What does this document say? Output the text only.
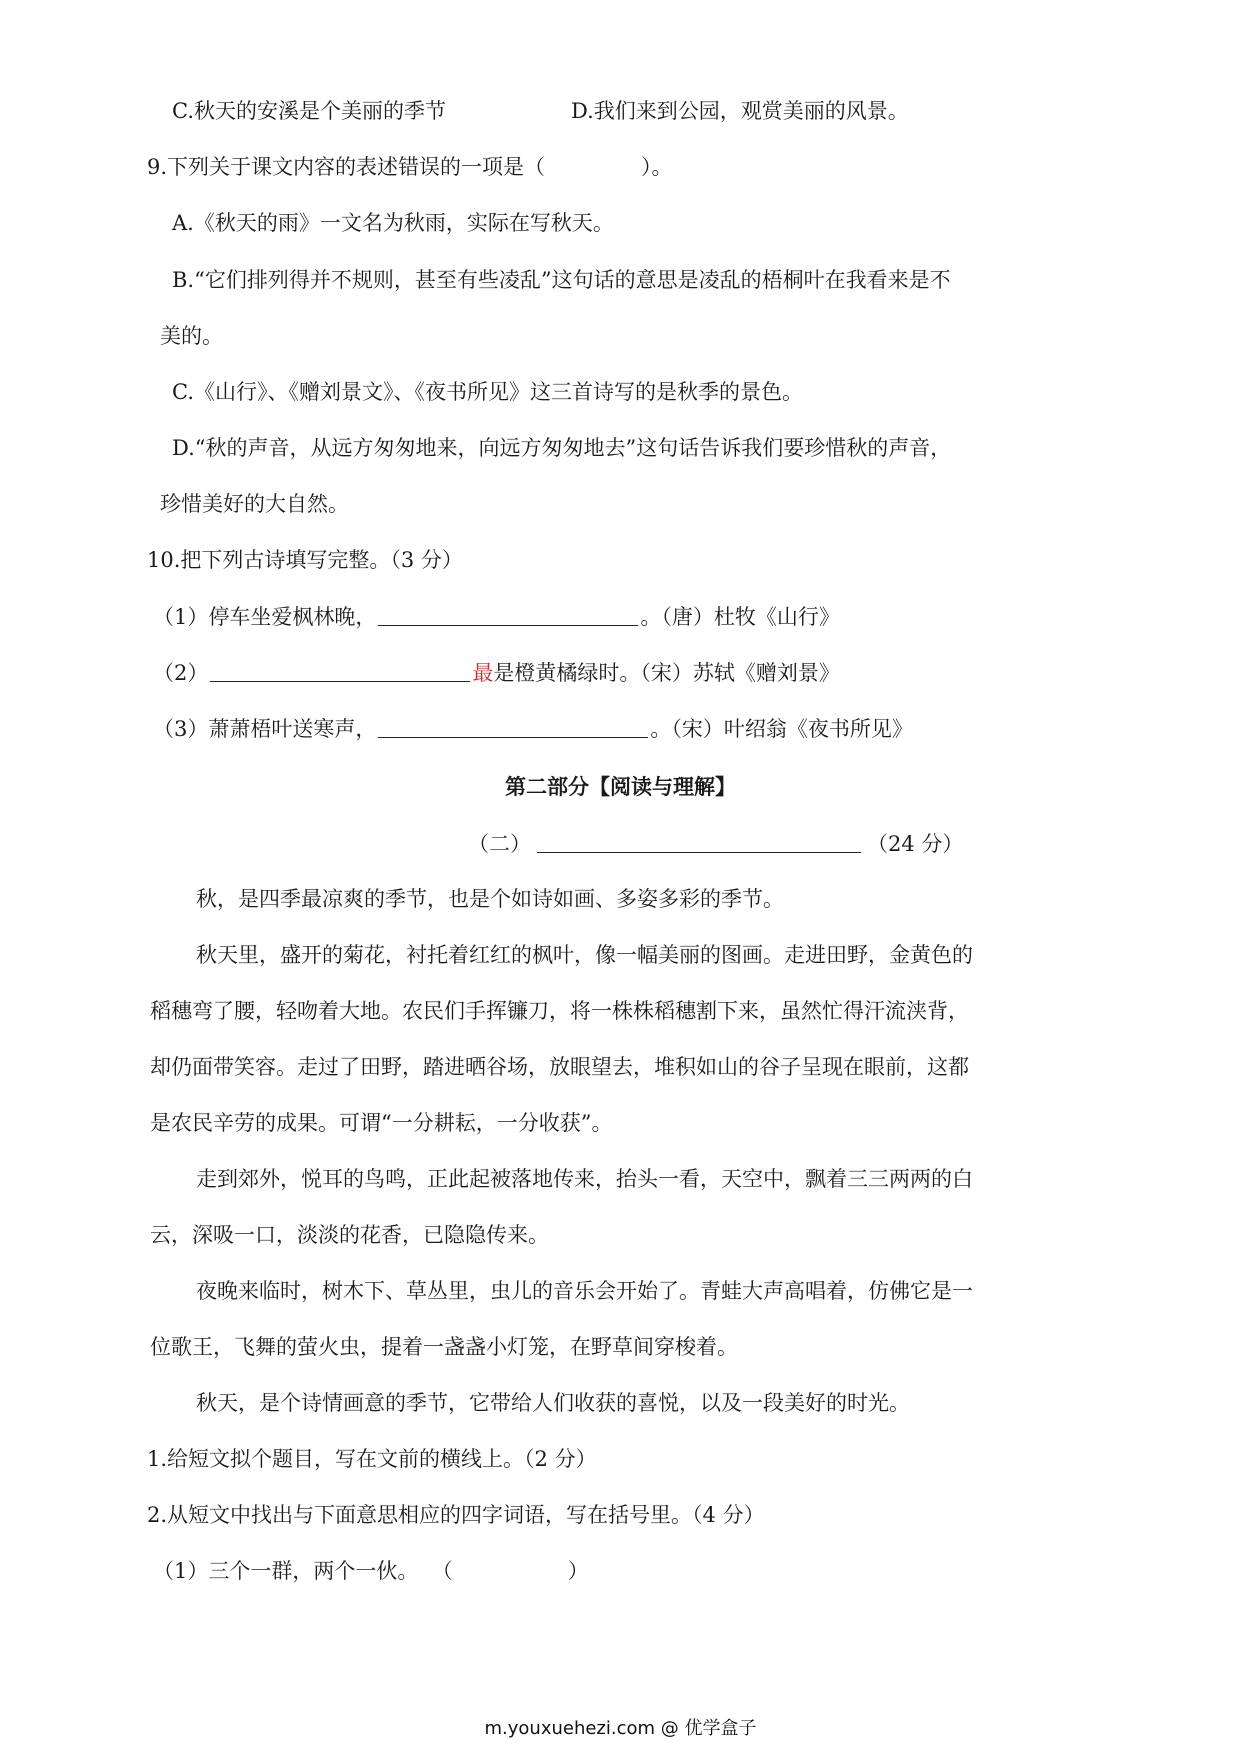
C.秋天的安溪是个美丽的季节	D.我们来到公园，观赏美丽的风景。
9.下列关于课文内容的表述错误的一项是（	）。
A.《秋天的雨》一文名为秋雨，实际在写秋天。
B.“它们排列得并不规则，甚至有些凌乱”这句话的意思是凌乱的梧桐叶在我看来是不
美的。
C.《山行》、《赠刘景文》、《夜书所见》这三首诗写的是秋季的景色。
D.“秋的声音，从远方匆匆地来，向远方匆匆地去”这句话告诉我们要珍惜秋的声音，
珍惜美好的大自然。
10.把下列古诗填写完整。（3 分）
（1）停车坐爱枫林晚，	。（唐）杜牧《山行》
（2）	最是橙黄橘绿时。（宋）苏轼《赠刘景》
（3）萧萧梧叶送寒声，	。（宋）叶绍翁《夜书所见》
第二部分【阅读与理解】
（二）	（24 分）
秋，是四季最凉爽的季节，也是个如诗如画、多姿多彩的季节。
秋天里，盛开的菊花，衬托着红红的枫叶，像一幅美丽的图画。走进田野，金黄色的
稻穗弯了腰，轻吻着大地。农民们手挥镰刀，将一株株稻穗割下来，虽然忙得汗流浃背，
却仍面带笑容。走过了田野，踏进晒谷场，放眼望去，堆积如山的谷子呈现在眼前，这都
是农民辛劳的成果。可谓“一分耕耘，一分收获”。
走到郊外，悦耳的鸟鸣，正此起被落地传来，抬头一看，天空中，飘着三三两两的白
云，深吸一口，淡淡的花香，已隐隐传来。
夜晚来临时，树木下、草丛里，虫儿的音乐会开始了。青蛙大声高唱着，仿佛它是一
位歌王，飞舞的萤火虫，提着一盏盏小灯笼，在野草间穿梭着。
秋天，是个诗情画意的季节，它带给人们收获的喜悦，以及一段美好的时光。
1.给短文拟个题目，写在文前的横线上。（2 分）
2.从短文中找出与下面意思相应的四字词语，写在括号里。（4 分）
（1）三个一群，两个一伙。 （	）
m.youxuehezi.com @ 优学盒子
